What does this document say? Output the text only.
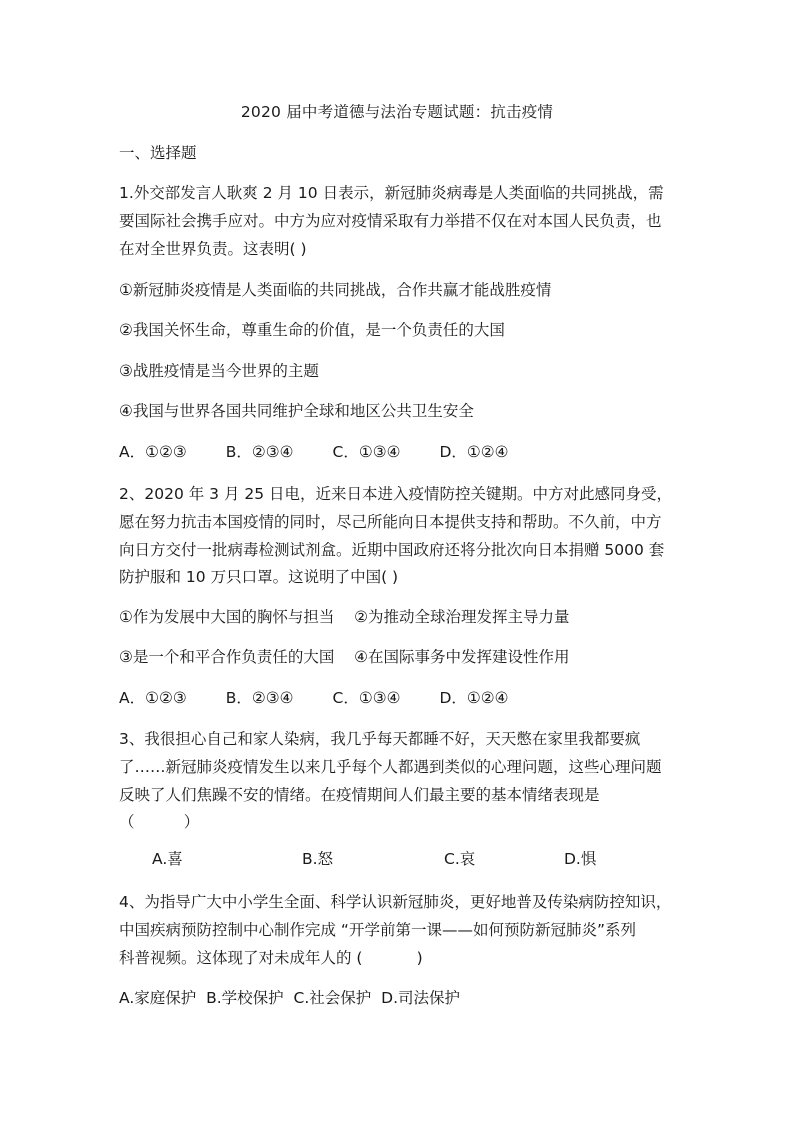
2020 届中考道德与法治专题试题：抗击疫情
一、选择题
1.外交部发言人耿爽 2 月 10 日表示，新冠肺炎病毒是人类面临的共同挑战，需
要国际社会携手应对。中方为应对疫情采取有力举措不仅在对本国人民负责，也
在对全世界负责。这表明( )
①新冠肺炎疫情是人类面临的共同挑战，合作共赢才能战胜疫情
②我国关怀生命，尊重生命的价值，是一个负责任的大国
③战胜疫情是当今世界的主题
④我国与世界各国共同维护全球和地区公共卫生安全
A．①②③	B．②③④	C．①③④	D．①②④
2、2020 年 3 月 25 日电，近来日本进入疫情防控关键期。中方对此感同身受，
愿在努力抗击本国疫情的同时，尽己所能向日本提供支持和帮助。不久前，中方
向日方交付一批病毒检测试剂盒。近期中国政府还将分批次向日本捐赠 5000 套
防护服和 10 万只口罩。这说明了中国( )
①作为发展中大国的胸怀与担当    ②为推动全球治理发挥主导力量
③是一个和平合作负责任的大国    ④在国际事务中发挥建设性作用
A．①②③	B．②③④	C．①③④	D．①②④
3、我很担心自己和家人染病，我几乎每天都睡不好，天天憋在家里我都要疯
了……新冠肺炎疫情发生以来几乎每个人都遇到类似的心理问题，这些心理问题
反映了人们焦躁不安的情绪。在疫情期间人们最主要的基本情绪表现是
（          ）
A.喜	B.怒	C.哀	D.惧
4、为指导广大中小学生全面、科学认识新冠肺炎，更好地普及传染病防控知识，
中国疾病预防控制中心制作完成 “开学前第一课——如何预防新冠肺炎”系列
科普视频。这体现了对未成年人的 (           )
A.家庭保护  B.学校保护  C.社会保护  D.司法保护
